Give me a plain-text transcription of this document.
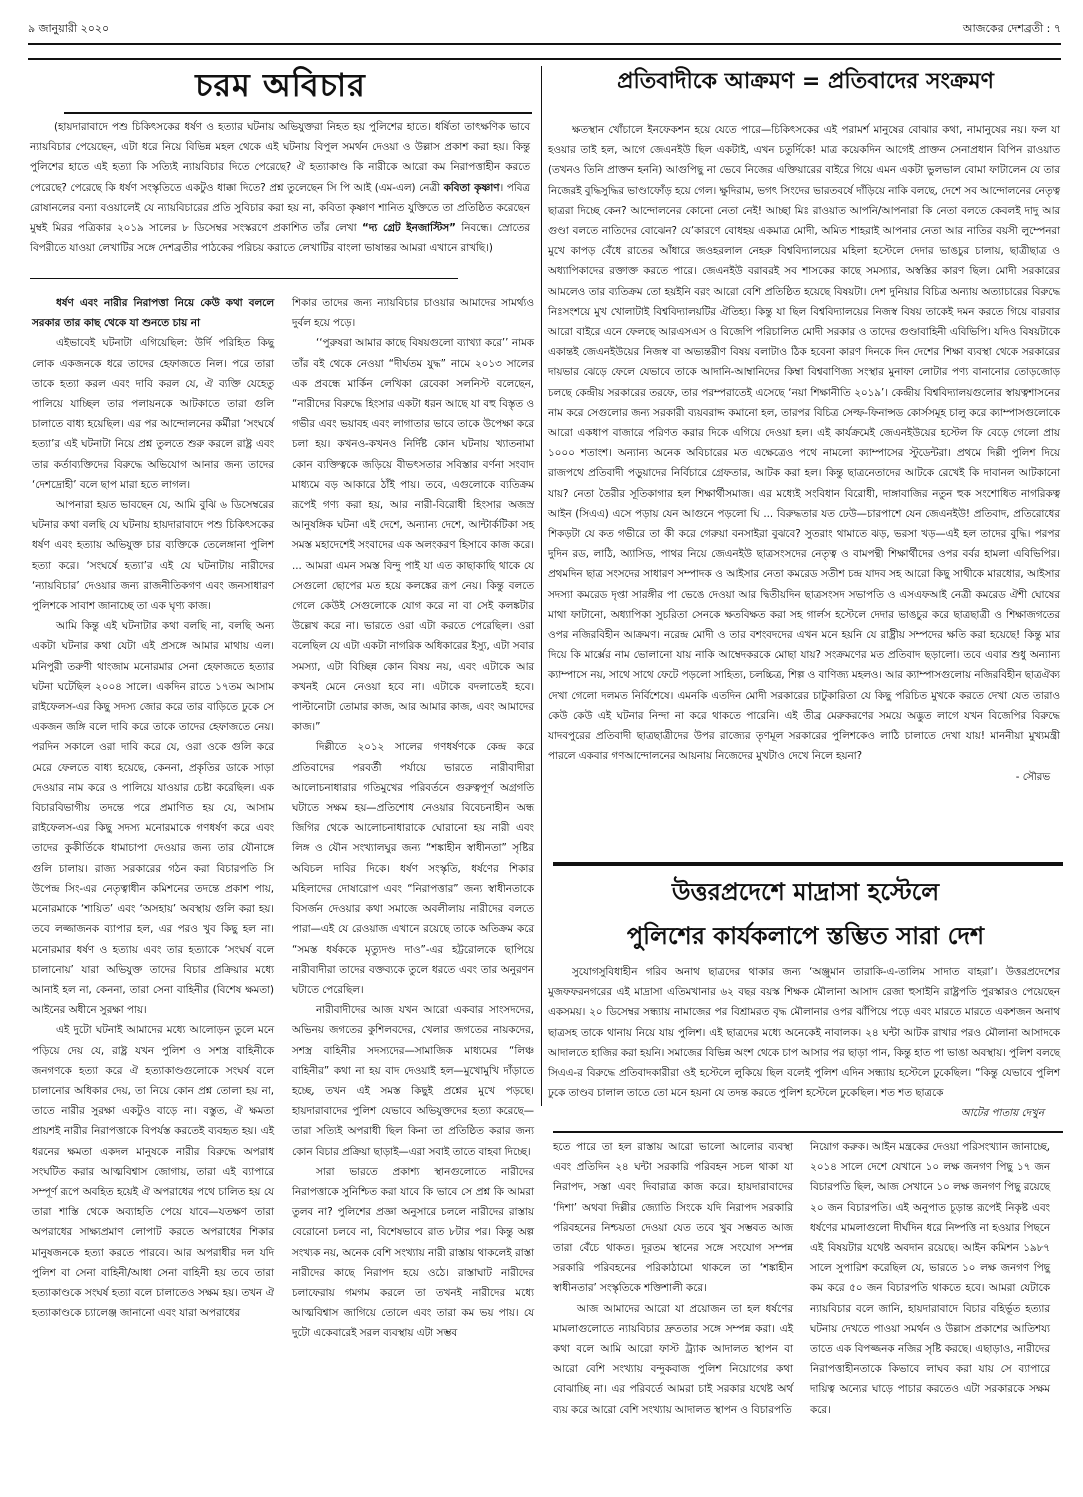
৯ জানুয়ারী ২০২০	আজকের দেশব্রতী : ৭
চরম অবিচার
(হায়দারাবাদে পশু চিকিৎসকের ধর্ষণ ও হত্যার ঘটনায় অভিযুক্তরা নিহত হয় পুলিশের হাতে। ধর্ষিতা তাৎক্ষণিক ভাবে ন্যায়বিচার পেয়েছেন, এটা ধরে নিয়ে বিভিন্ন মহল থেকে এই ঘটনায় বিপুল সমর্থন দেওয়া ও উল্লাস প্রকাশ করা হয়। কিন্তু পুলিশের হাতে এই হত্যা কি সত্যিই ন্যায়বিচার দিতে পেরেছে? ঐ হত্যাকাণ্ড কি নারীকে আরো কম নিরাপত্তাহীন করতে পেরেছে? পেরেছে কি ধর্ষণ সংস্কৃতিতে একটুও ধাক্কা দিতে? প্রশ্ন তুলেছেন সি পি আই (এম-এল) নেত্রী কবিতা কৃষ্ণাণ। পবিত্র রোষানলের বন্যা বওয়ালেই যে ন্যায়বিচারের প্রতি সুবিচার করা হয় না, কবিতা কৃষ্ণাণ শানিত যুক্তিতে তা প্রতিষ্ঠিত করেছেন মুম্বই মিরর পত্রিকার ২০১৯ সালের ৮ ডিসেম্বর সংস্করণে প্রকাশিত তাঁর লেখা “দ্য গ্রেট ইনজাস্টিস” নিবন্ধে। স্রোতের বিপরীতে যাওয়া লেখাটির সঙ্গে দেশব্রতীর পাঠকের পরিচয় করাতে লেখাটির বাংলা ভাষান্তর আমরা এখানে রাখছি।)

ধর্ষণ এবং নারীর নিরাপত্তা নিয়ে কেউ কথা বললে সরকার তার কাছ থেকে যা শুনতে চায় না

এইভাবেই ঘটনাটা এগিয়েছিল: উর্দি পরিহিত কিছু লোক একজনকে ধরে তাদের হেফাজতে নিল। পরে তারা তাকে হত্যা করল এবং দাবি করল যে, ঐ ব্যক্তি যেহেতু পালিয়ে যাচ্ছিল তার পলায়নকে আটকাতে তারা গুলি চালাতে বাধ্য হয়েছিল। এর পর আন্দোলনের কর্মীরা ‘সংঘর্ষে হত্যা’র এই ঘটনাটা নিয়ে প্রশ্ন তুলতে শুরু করলে রাষ্ট্র এবং তার কর্তাব্যক্তিদের বিরুদ্ধে অভিযোগ আনার জন্য তাদের ‘দেশদ্রোহী’ বলে ছাপ মারা হতে লাগল।

আপনারা হয়ত ভাবছেন যে, আমি বুঝি ৬ ডিসেম্বরের ঘটনার কথা বলছি যে ঘটনায় হায়দারাবাদে পশু চিকিৎসকের ধর্ষণ এবং হত্যায় অভিযুক্ত চার ব্যক্তিকে তেলেঙ্গানা পুলিশ হত্যা করে। ‘সংঘর্ষে হত্যা’র এই যে ঘটনাটায় নারীদের ‘ন্যায়বিচার’ দেওয়ার জন্য রাজনীতিকগণ এবং জনসাধারণ পুলিশকে সাবাশ জানাচ্ছে তা এক ঘৃণ্য কাজ।

আমি কিন্তু এই ঘটনাটার কথা বলছি না, বলছি অন্য একটা ঘটনার কথা যেটা এই প্রসঙ্গে আমার মাথায় এল। মনিপুরী তরুণী থাংজাম মনোরমার সেনা হেফাজতে হত্যার ঘটনা ঘটেছিল ২০০৪ সালে। একদিন রাতে ১৭তম আসাম রাইফেলস-এর কিছু সদস্য জোর করে তার বাড়িতে ঢুকে সে একজন জঙ্গি বলে দাবি করে তাকে তাদের হেফাজতে নেয়। পরদিন সকালে ওরা দাবি করে যে, ওরা ওকে গুলি করে মেরে ফেলতে বাধ্য হয়েছে, কেননা, প্রকৃতির ডাকে সাড়া দেওয়ার নাম করে ও পালিয়ে যাওয়ার চেষ্টা করেছিল। এক বিচারবিভাগীয় তদন্তে পরে প্রমাণিত হয় যে, আসাম রাইফেলস-এর কিছু সদস্য মনোরমাকে গণধর্ষণ করে এবং তাদের কুকীর্তিকে ধামাচাপা দেওয়ার জন্য তার যৌনাঙ্গে গুলি চালায়। রাজ্য সরকারের গঠন করা বিচারপতি সি উপেন্দ্র সিং-এর নেতৃত্বাধীন কমিশনের তদন্তে প্রকাশ পায়, মনোরমাকে ‘শায়িত’ এবং ‘অসহায়’ অবস্থায় গুলি করা হয়। তবে লজ্জাজনক ব্যাপার হল, এর পরও খুব কিছু হল না। মনোরমার ধর্ষণ ও হত্যায় এবং তার হত্যাকে ‘সংঘর্ষ বলে চালানোয়’ যারা অভিযুক্ত তাদের বিচার প্রক্রিয়ার মধ্যে আনাই হল না, কেননা, তারা সেনা বাহিনীর (বিশেষ ক্ষমতা) আইনের অধীনে সুরক্ষা পায়।

এই দুটো ঘটনাই আমাদের মধ্যে আলোড়ন তুলে মনে পড়িয়ে দেয় যে, রাষ্ট্র যখন পুলিশ ও সশস্ত্র বাহিনীকে জনগণকে হত্যা করে ঐ হত্যাকাণ্ডগুলোকে সংঘর্ষ বলে চালানোর অধিকার দেয়, তা নিয়ে কোন প্রশ্ন তোলা হয় না, তাতে নারীর সুরক্ষা একটুও বাড়ে না। বস্তুত, ঐ ক্ষমতা প্রায়শই নারীর নিরাপত্তাকে বিপর্যস্ত করতেই ব্যবহৃত হয়। এই ধরনের ক্ষমতা একদল মানুষকে নারীর বিরুদ্ধে অপরাধ সংঘটিত করার আত্মবিশ্বাস জোগায়, তারা এই ব্যাপারে সম্পূর্ণ রূপে অবহিত হয়েই ঐ অপরাধের পথে চালিত হয় যে তারা শাস্তি থেকে অব্যাহতি পেয়ে যাবে—যতক্ষণ তারা অপরাধের সাক্ষ্যপ্রমাণ লোপাট করতে অপরাধের শিকার মানুষজনকে হত্যা করতে পারবে। আর অপরাধীর দল যদি পুলিশ বা সেনা বাহিনী/আধা সেনা বাহিনী হয় তবে তারা হত্যাকাণ্ডকে সংঘর্ষ হত্যা বলে চালাতেও সক্ষম হয়। তখন ঐ হত্যাকাণ্ডকে চ্যালেঞ্জ জানানো এবং যারা অপরাধের

শিকার তাদের জন্য ন্যায়বিচার চাওয়ার আমাদের সামর্থ্যও দুর্বল হয়ে পড়ে।

‘‘পুরুষরা আমার কাছে বিষয়গুলো ব্যাখ্যা করে’’ নামক তাঁর বই থেকে নেওয়া “দীর্ঘতম যুদ্ধ” নামে ২০১৩ সালের এক প্রবন্ধে মার্কিন লেখিকা রেবেকা সলনিস্ট বলেছেন, “নারীদের বিরুদ্ধে হিংসার একটা ধরন আছে যা বহু বিস্তৃত ও গভীর এবং ভয়াবহ এবং লাগাতার ভাবে তাকে উপেক্ষা করে চলা হয়। কখনও-কখনও নির্দিষ্ট কোন ঘটনায় খ্যাতনামা কোন ব্যক্তিত্বকে জড়িয়ে বীভৎসতার সবিস্তার বর্ণনা সংবাদ মাধ্যমে বড় আকারে ঠাঁই পায়। তবে, এগুলোকে ব্যতিক্রম রূপেই গণ্য করা হয়, আর নারী-বিরোধী হিংসার অজস্র আনুষঙ্গিক ঘটনা এই দেশে, অন্যান্য দেশে, আন্টার্কটিকা সহ সমস্ত মহাদেশেই সংবাদের এক অলংকরণ হিসাবে কাজ করে। ... আমরা এমন সমস্ত বিন্দু পাই যা এত কাছাকাছি থাকে যে সেগুলো ছোপের মত হয়ে কলঙ্কের রূপ নেয়। কিন্তু বলতে গেলে কেউই সেগুলোকে যোগ করে না বা সেই কলঙ্কটার উল্লেখ করে না। ভারতে ওরা এটা করতে পেরেছিল। ওরা বলেছিল যে এটা একটা নাগরিক অধিকারের ইস্যু, এটা সবার সমস্যা, এটা বিচ্ছিন্ন কোন বিষয় নয়, এবং এটাকে আর কখনই মেনে নেওয়া হবে না। এটাকে বদলাতেই হবে। পাল্টানোটা তোমার কাজ, আর আমার কাজ, এবং আমাদের কাজ।”

দিল্লীতে ২০১২ সালের গণধর্ষণকে কেন্দ্র করে প্রতিবাদের পরবর্তী পর্যায়ে ভারতে নারীবাদীরা আলোচনাধারার গতিমুখের পরিবর্তনে গুরুত্বপূর্ণ অগ্রগতি ঘটাতে সক্ষম হয়—প্রতিশোধ নেওয়ার বিবেচনাহীন অন্ধ জিগির থেকে আলোচনাধারাকে ঘোরানো হয় নারী এবং লিঙ্গ ও যৌন সংখ্যালঘুর জন্য “শঙ্কাহীন স্বাধীনতা” সৃষ্টির অবিচল দাবির দিকে। ধর্ষণ সংস্কৃতি, ধর্ষণের শিকার মহিলাদের দোষারোপ এবং “নিরাপত্তার” জন্য স্বাধীনতাকে বিসর্জন দেওয়ার কথা সমাজে অবলীলায় নারীদের বলতে পারা—এই যে রেওয়াজ এখানে রয়েছে তাকে অতিক্রম করে “সমস্ত ধর্ষককে মৃত্যুদণ্ড দাও”-এর হট্টরোলকে ছাপিয়ে নারীবাদীরা তাদের বক্তব্যকে তুলে ধরতে এবং তার অনুরণন ঘটাতে পেরেছিল।

নারীবাদীদের আজ যখন আরো একবার সাংসদদের, অভিনয় জগতের কুশিলবদের, খেলার জগতের নায়কদের, সশস্ত্র বাহিনীর সদস্যদের—সামাজিক মাধ্যমের “লিঞ্চ বাহিনীর” কথা না হয় বাদ দেওয়াই হল—মুখোমুখি দাঁড়াতে হচ্ছে, তখন এই সমস্ত কিছুই প্রশ্নের মুখে পড়ছে। হায়দারাবাদের পুলিশ যেভাবে অভিযুক্তদের হত্যা করেছে—তারা সত্যিই অপরাধী ছিল কিনা তা প্রতিষ্ঠিত করার জন্য কোন বিচার প্রক্রিয়া ছাড়াই—এরা সবাই তাতে বাহবা দিচ্ছে।

সারা ভারতে প্রকাশ্য স্থানগুলোতে নারীদের নিরাপত্তাকে সুনিশ্চিত করা যাবে কি ভাবে সে প্রশ্ন কি আমরা তুলব না? পুলিশের প্রজ্ঞা অনুসারে চললে নারীদের রাস্তায় বেরোনো চলবে না, বিশেষভাবে রাত ৮টার পর। কিন্তু অল্প সংখ্যক নয়, অনেক বেশি সংখ্যায় নারী রাস্তায় থাকলেই রাস্তা নারীদের কাছে নিরাপদ হয়ে ওঠে। রাস্তাঘাট নারীদের চলাফেরায় গমগম করলে তা তখনই নারীদের মধ্যে আত্মবিশ্বাস জাগিয়ে তোলে এবং তারা কম ভয় পায়। যে দুটো একেবারেই সরল ব্যবস্থায় এটা সম্ভব

প্রতিবাদীকে আক্রমণ = প্রতিবাদের সংক্রমণ

ক্ষতস্থান খোঁচালে ইনফেকশন হয়ে যেতে পারে—চিকিৎসকের এই পরামর্শ মানুষের বোঝার কথা, নামানুষের নয়। ফল যা হওয়ার তাই হল, আগে জেএনইউ ছিল একটাই, এখন চতুর্দিকে! মাত্র কয়েকদিন আগেই প্রাক্তন সেনাপ্রধান বিপিন রাওয়াত (তখনও তিনি প্রাক্তন হননি) আগুপিছু না ভেবে নিজের এক্তিয়ারের বাইরে গিয়ে এমন একটা ভুলভাল বোমা ফাটালেন যে তার নিজেরই বুদ্ধিসুদ্ধির ভাণ্ডাফোঁড় হয়ে গেল। ক্ষুদিরাম, ভগৎ সিংদের ভারতবর্ষে দাঁড়িয়ে নাকি বলছে, দেশে সব আন্দোলনের নেতৃত্ব ছাত্ররা দিচ্ছে কেন? আন্দোলনের কোনো নেতা নেই! আচ্ছা মিঃ রাওয়াত আপনি/আপনারা কি নেতা বলতে কেবলই দাদু আর গুণ্ডা বলতে নাতিদের বোঝেন? যে’কারণে বোধহয় একমাত্র মোদী, অমিত শাহরাই আপনার নেতা আর নাতির বয়সী লুম্পেনরা মুখে কাপড় বেঁধে রাতের আঁধারে জওহরলাল নেহরু বিশ্ববিদ্যালয়ের মহিলা হস্টেলে দেদার ভাঙচুর চালায়, ছাত্রীছাত্র ও অধ্যাপিকাদের রক্তাক্ত করতে পারে। জেএনইউ বরাবরই সব শাসকের কাছে সমস্যার, অস্বস্তির কারণ ছিল। মোদী সরকারের আমলেও তার ব্যতিক্রম তো হয়ইনি বরং আরো বেশি প্রতিষ্ঠিত হয়েছে বিষয়টা। দেশ দুনিয়ার বিচিত্র অন্যায় অত্যাচারের বিরুদ্ধে নিঃসংশয়ে মুখ খোলাটাই বিশ্ববিদ্যালয়টির ঐতিহ্য। কিন্তু যা ছিল বিশ্ববিদ্যালয়ের নিজস্ব বিষয় তাকেই দমন করতে গিয়ে বারবার আরো বাইরে এনে ফেলছে আরএসএস ও বিজেপি পরিচালিত মোদী সরকার ও তাদের গুণ্ডাবাহিনী এবিভিপি। যদিও বিষয়টাকে একান্তই জেএনইউয়ের নিজস্ব বা অভ্যন্তরীণ বিষয় বলাটাও ঠিক হবেনা কারণ দিনকে দিন দেশের শিক্ষা ব্যবস্থা থেকে সরকারের দায়ভার ঝেড়ে ফেলে যেভাবে তাকে আদানি-আম্বানিদের কিম্বা বিশ্ববাণিজ্য সংস্থার মুনাফা লোটার পণ্য বানানোর তোড়জোড় চলছে কেন্দ্রীয় সরকারের তরফে, তার পরম্পরাতেই এসেছে ‘নয়া শিক্ষানীতি ২০১৯’। কেন্দ্রীয় বিশ্ববিদ্যালয়গুলোর স্বায়ত্বশাসনের নাম করে সেগুলোর জন্য সরকারী ব্যয়বরাদ্দ কমানো হল, তারপর বিচিত্র সেল্ফ-ফিনান্সড কোর্সসমূহ চালু করে ক্যাম্পাসগুলোকে আরো একধাপ বাজারে পরিণত করার দিকে এগিয়ে দেওয়া হল। এই কার্যক্রমেই জেএনইউয়ের হস্টেল ফি বেড়ে গেলো প্রায় ১০০০ শতাংশ। অন্যান্য অনেক অবিচারের মত এক্ষেত্রেও পথে নামলো ক্যাম্পাসের স্টুডেন্টরা। প্রথমে দিল্লী পুলিশ দিয়ে রাজপথে প্রতিবাদী পড়ুয়াদের নির্বিচারে গ্রেফতার, আটক করা হল। কিন্তু ছাত্রনেতাদের আটকে রেখেই কি দাবানল আটকানো যায়? নেতা তৈরীর সূতিকাগার হল শিক্ষার্থীসমাজ। এর মধ্যেই সংবিধান বিরোধী, দাঙ্গাবাজির নতুন হুক সংশোধিত নাগরিকত্ব আইন (সিএএ) এসে পড়ায় যেন আগুনে পড়লো ঘি ... বিরুদ্ধতার যত ঢেউ—চারপাশে যেন জেএনইউ! প্রতিবাদ, প্রতিরোধের শিকড়টা যে কত গভীরে তা কী করে গেরুয়া বনসাইরা বুঝবে? সুতরাং থামাতে ঝড়, ভরসা খড়—এই হল তাদের বুদ্ধি। পরপর দুদিন রড, লাঠি, অ্যাসিড, পাথর নিয়ে জেএনইউ ছাত্রসংসদের নেতৃত্ব ও বামপন্থী শিক্ষার্থীদের ওপর বর্বর হামলা এবিভিপির। প্রথমদিন ছাত্র সংসদের সাধারণ সম্পাদক ও আইসার নেতা কমরেড সতীশ চন্দ্র যাদব সহ আরো কিছু সাথীকে মারধোর, আইসার সদস্যা কমরেড দৃপ্তা সারঙ্গীর পা ভেঙে দেওয়া আর দ্বিতীয়দিন ছাত্রসংসদ সভাপতি ও এসএফআই নেত্রী কমরেড ঐশী ঘোষের মাথা ফাটানো, অধ্যাপিকা সুচরিতা সেনকে ক্ষতবিক্ষত করা সহ গার্লস হস্টেলে দেদার ভাঙচুর করে ছাত্রছাত্রী ও শিক্ষাজগতের ওপর নজিরবিহীন আক্রমণ। নরেন্দ্র মোদী ও তার বশংবদদের এখন মনে হয়নি যে রাষ্ট্রীয় সম্পদের ক্ষতি করা হয়েছে! কিন্তু মার দিয়ে কি মার্ক্সের নাম ভোলানো যায় নাকি আম্বেদকরকে মোছা যায়? সংক্রমণের মত প্রতিবাদ ছড়ালো। তবে এবার শুধু অন্যান্য ক্যাম্পাসে নয়, সাথে সাথে ফেটে পড়লো সাহিত্য, চলচ্চিত্র, শিল্প ও বাণিজ্য মহলও। আর ক্যাম্পাসগুলোয় নজিরবিহীন ছাত্রঐক্য দেখা গেলো দলমত নির্বিশেষে। এমনকি এতদিন মোদী সরকারের চাটুকারিতা যে কিছু পরিচিত মুখকে করতে দেখা যেত তারাও কেউ কেউ এই ঘটনার নিন্দা না করে থাকতে পারেনি। এই তীব্র মেরুকরণের সময়ে অদ্ভুত লাগে যখন বিজেপির বিরুদ্ধে যাদবপুরের প্রতিবাদী ছাত্রছাত্রীদের উপর রাজ্যের তৃণমূল সরকারের পুলিশকেও লাঠি চালাতে দেখা যায়! মাননীয়া মুখ্যমন্ত্রী পারলে একবার গণআন্দোলনের আয়নায় নিজেদের মুখটাও দেখে নিলে হয়না?

- সৌরভ
উত্তরপ্রদেশে মাদ্রাসা হস্টেলে
পুলিশের কার্যকলাপে স্তম্ভিত সারা দেশ

সুযোগসুবিধাহীন গরিব অনাথ ছাত্রদের থাকার জন্য ‘অঞ্জুমান তারাকি-এ-তালিম সাদাত বাহরা’। উত্তরপ্রদেশের মুজফফরনগরের এই মাদ্রাসা এতিমখানার ৬২ বছর বয়স্ক শিক্ষক মৌলানা আসাদ রেজা হুসাইনি রাষ্ট্রপতি পুরস্কারও পেয়েছেন একসময়। ২০ ডিসেম্বর সন্ধ্যায় নামাজের পর বিশ্রামরত বৃদ্ধ মৌলানার ওপর ঝাঁপিয়ে পড়ে এবং মারতে মারতে একশজন অনাথ ছাত্রসহ তাকে থানায় নিয়ে যায় পুলিশ। এই ছাত্রদের মধ্যে অনেকেই নাবালক। ২৪ ঘন্টা আটক রাখার পরও মৌলানা আসাদকে আদালতে হাজির করা হয়নি। সমাজের বিভিন্ন অংশ থেকে চাপ আসার পর ছাড়া পান, কিন্তু হাত পা ভাঙা অবস্থায়। পুলিশ বলছে সিএএ-র বিরুদ্ধে প্রতিবাদকারীরা ওই হস্টেলে লুকিয়ে ছিল বলেই পুলিশ এদিন সন্ধ্যায় হস্টেলে ঢুকেছিল। “কিন্তু যেভাবে পুলিশ ঢুকে তাণ্ডব চালাল তাতে তো মনে হয়না যে তদন্ত করতে পুলিশ হস্টেলে ঢুকেছিল। শত শত ছাত্রকে

আটের পাতায় দেখুন

হতে পারে তা হল রাস্তায় আরো ভালো আলোর ব্যবস্থা এবং প্রতিদিন ২৪ ঘন্টা সরকারি পরিবহন সচল থাকা যা নিরাপদ, সস্তা এবং দিবারাত্র কাজ করে। হায়দারাবাদের ‘দিশা’ অথবা দিল্লীর জ্যোতি সিংকে যদি নিরাপদ সরকারি পরিবহনের নিশ্চয়তা দেওয়া যেত তবে খুব সম্ভবত আজ তারা বেঁচে থাকত। দূরতম স্থানের সঙ্গে সংযোগ সম্পন্ন সরকারি পরিবহনের পরিকাঠামো থাকলে তা ‘শঙ্কাহীন স্বাধীনতার’ সংস্কৃতিকে শক্তিশালী করে।

আজ আমাদের আরো যা প্রয়োজন তা হল ধর্ষণের মামলাগুলোতে ন্যায়বিচার দ্রুততার সঙ্গে সম্পন্ন করা। এই কথা বলে আমি আরো ফাস্ট ট্র্যাক আদালত স্থাপন বা আরো বেশি সংখ্যায় বন্দুকবাজ পুলিশ নিয়োগের কথা বোঝাচ্ছি না। এর পরিবর্তে আমরা চাই সরকার যথেষ্ট অর্থ ব্যয় করে আরো বেশি সংখ্যায় আদালত স্থাপন ও বিচারপতি

নিয়োগ করুক। আইন মন্ত্রকের দেওয়া পরিসংখ্যান জানাচ্ছে, ২০১৪ সালে দেশে যেখানে ১০ লক্ষ জনগণ পিছু ১৭ জন বিচারপতি ছিল, আজ সেখানে ১০ লক্ষ জনগণ পিছু রয়েছে ২০ জন বিচারপতি। এই অনুপাত চূড়ান্ত রূপেই নিকৃষ্ট এবং ধর্ষণের মামলাগুলো দীর্ঘদিন ধরে নিষ্পত্তি না হওয়ার পিছনে এই বিষয়টার যথেষ্ট অবদান রয়েছে। আইন কমিশন ১৯৮৭ সালে সুপারিশ করেছিল যে, ভারতে ১০ লক্ষ জনগণ পিছু কম করে ৫০ জন বিচারপতি থাকতে হবে। আমরা যেটাকে ন্যায়বিচার বলে জানি, হায়দারাবাদে বিচার বহির্ভূত হত্যার ঘটনায় দেখতে পাওয়া সমর্থন ও উল্লাস প্রকাশের আতিশয্য তাতে এক বিপজ্জনক নজির সৃষ্টি করছে। এছাড়াও, নারীদের নিরাপত্তাহীনতাকে কিভাবে লাঘব করা যায় সে ব্যাপারে দায়িত্ব অন্যের ঘাড়ে পাচার করতেও এটা সরকারকে সক্ষম করে।
